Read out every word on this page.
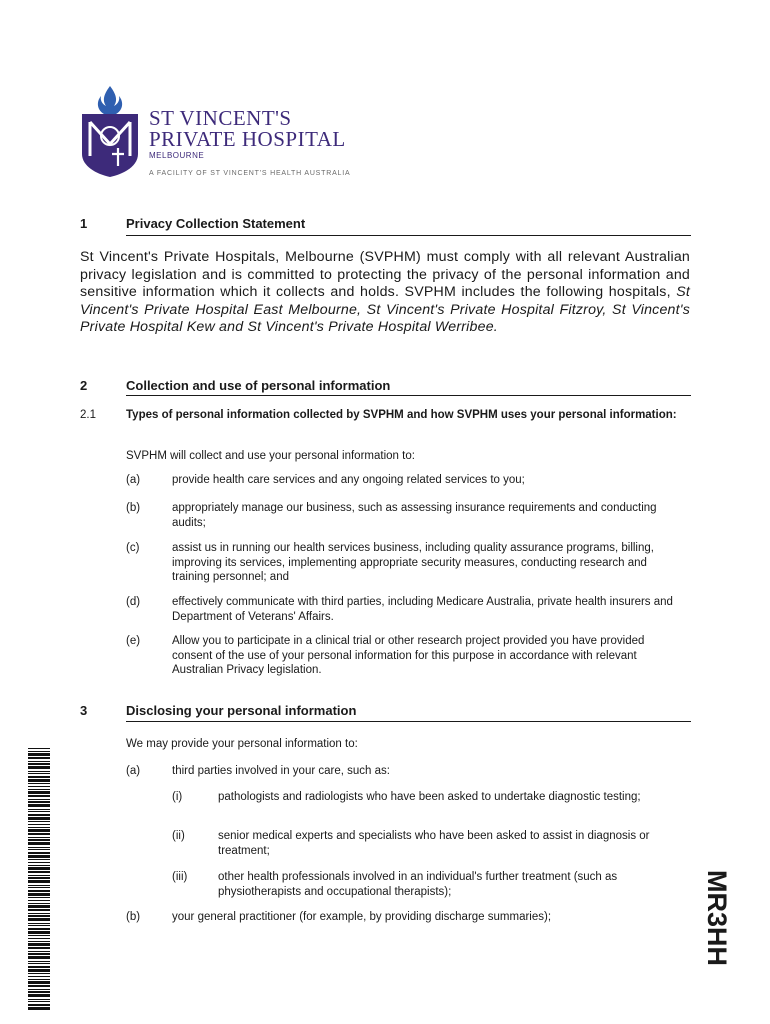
ST VINCENT'S
PRIVATE HOSPITAL
MELBOURNE
A FACILITY OF ST VINCENT'S HEALTH AUSTRALIA
1	Privacy Collection Statement
St Vincent's Private Hospitals, Melbourne (SVPHM) must comply with all relevant Australian privacy legislation and is committed to protecting the privacy of the personal information and sensitive information which it collects and holds. SVPHM includes the following hospitals, St Vincent's Private Hospital East Melbourne, St Vincent's Private Hospital Fitzroy, St Vincent's Private Hospital Kew and St Vincent's Private Hospital Werribee.
2	Collection and use of personal information
2.1	Types of personal information collected by SVPHM and how SVPHM uses your personal information:
SVPHM will collect and use your personal information to:
(a)	provide health care services and any ongoing related services to you;
(b)	appropriately manage our business, such as assessing insurance requirements and conducting audits;
(c)	assist us in running our health services business, including quality assurance programs, billing, improving its services, implementing appropriate security measures, conducting research and training personnel; and
(d)	effectively communicate with third parties, including Medicare Australia, private health insurers and Department of Veterans' Affairs.
(e)	Allow you to participate in a clinical trial or other research project provided you have provided consent of the use of your personal information for this purpose in accordance with relevant Australian Privacy legislation.
3	Disclosing your personal information
We may provide your personal information to:
(a)	third parties involved in your care, such as:
(i)	pathologists and radiologists who have been asked to undertake diagnostic testing;
(ii)	senior medical experts and specialists who have been asked to assist in diagnosis or treatment;
(iii)	other health professionals involved in an individual's further treatment (such as physiotherapists and occupational therapists);
(b)	your general practitioner (for example, by providing discharge summaries);	MR3HH
